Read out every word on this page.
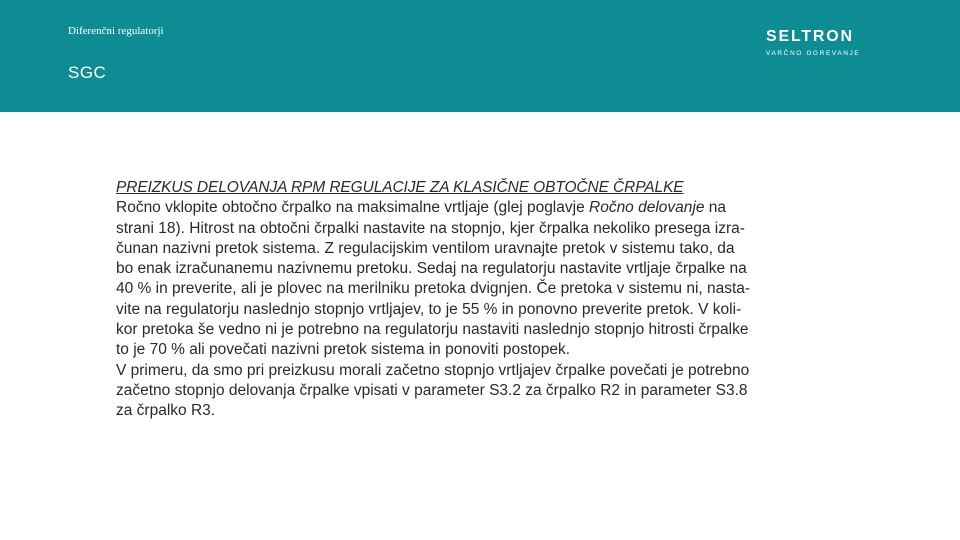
Diferenčni regulatorji
SGC
SELTRON
VARČNO OGREVANJE
PREIZKUS DELOVANJA RPM REGULACIJE ZA KLASIČNE OBTOČNE ČRPALKE
Ročno vklopite obtočno črpalko na maksimalne vrtljaje (glej poglavje Ročno delovanje na
strani 18). Hitrost na obtočni črpalki nastavite na stopnjo, kjer črpalka nekoliko presega izra-
čunan nazivni pretok sistema. Z regulacijskim ventilom uravnajte pretok v sistemu tako, da
bo enak izračunanemu nazivnemu pretoku. Sedaj na regulatorju nastavite vrtljaje črpalke na
40 % in preverite, ali je plovec na merilniku pretoka dvignjen. Če pretoka v sistemu ni, nasta-
vite na regulatorju naslednjo stopnjo vrtljajev, to je 55 % in ponovno preverite pretok. V koli-
kor pretoka še vedno ni je potrebno na regulatorju nastaviti naslednjo stopnjo hitrosti črpalke
to je 70 % ali povečati nazivni pretok sistema in ponoviti postopek.
V primeru, da smo pri preizkusu morali začetno stopnjo vrtljajev črpalke povečati je potrebno
začetno stopnjo delovanja črpalke vpisati v parameter S3.2 za črpalko R2 in parameter S3.8
za črpalko R3.
